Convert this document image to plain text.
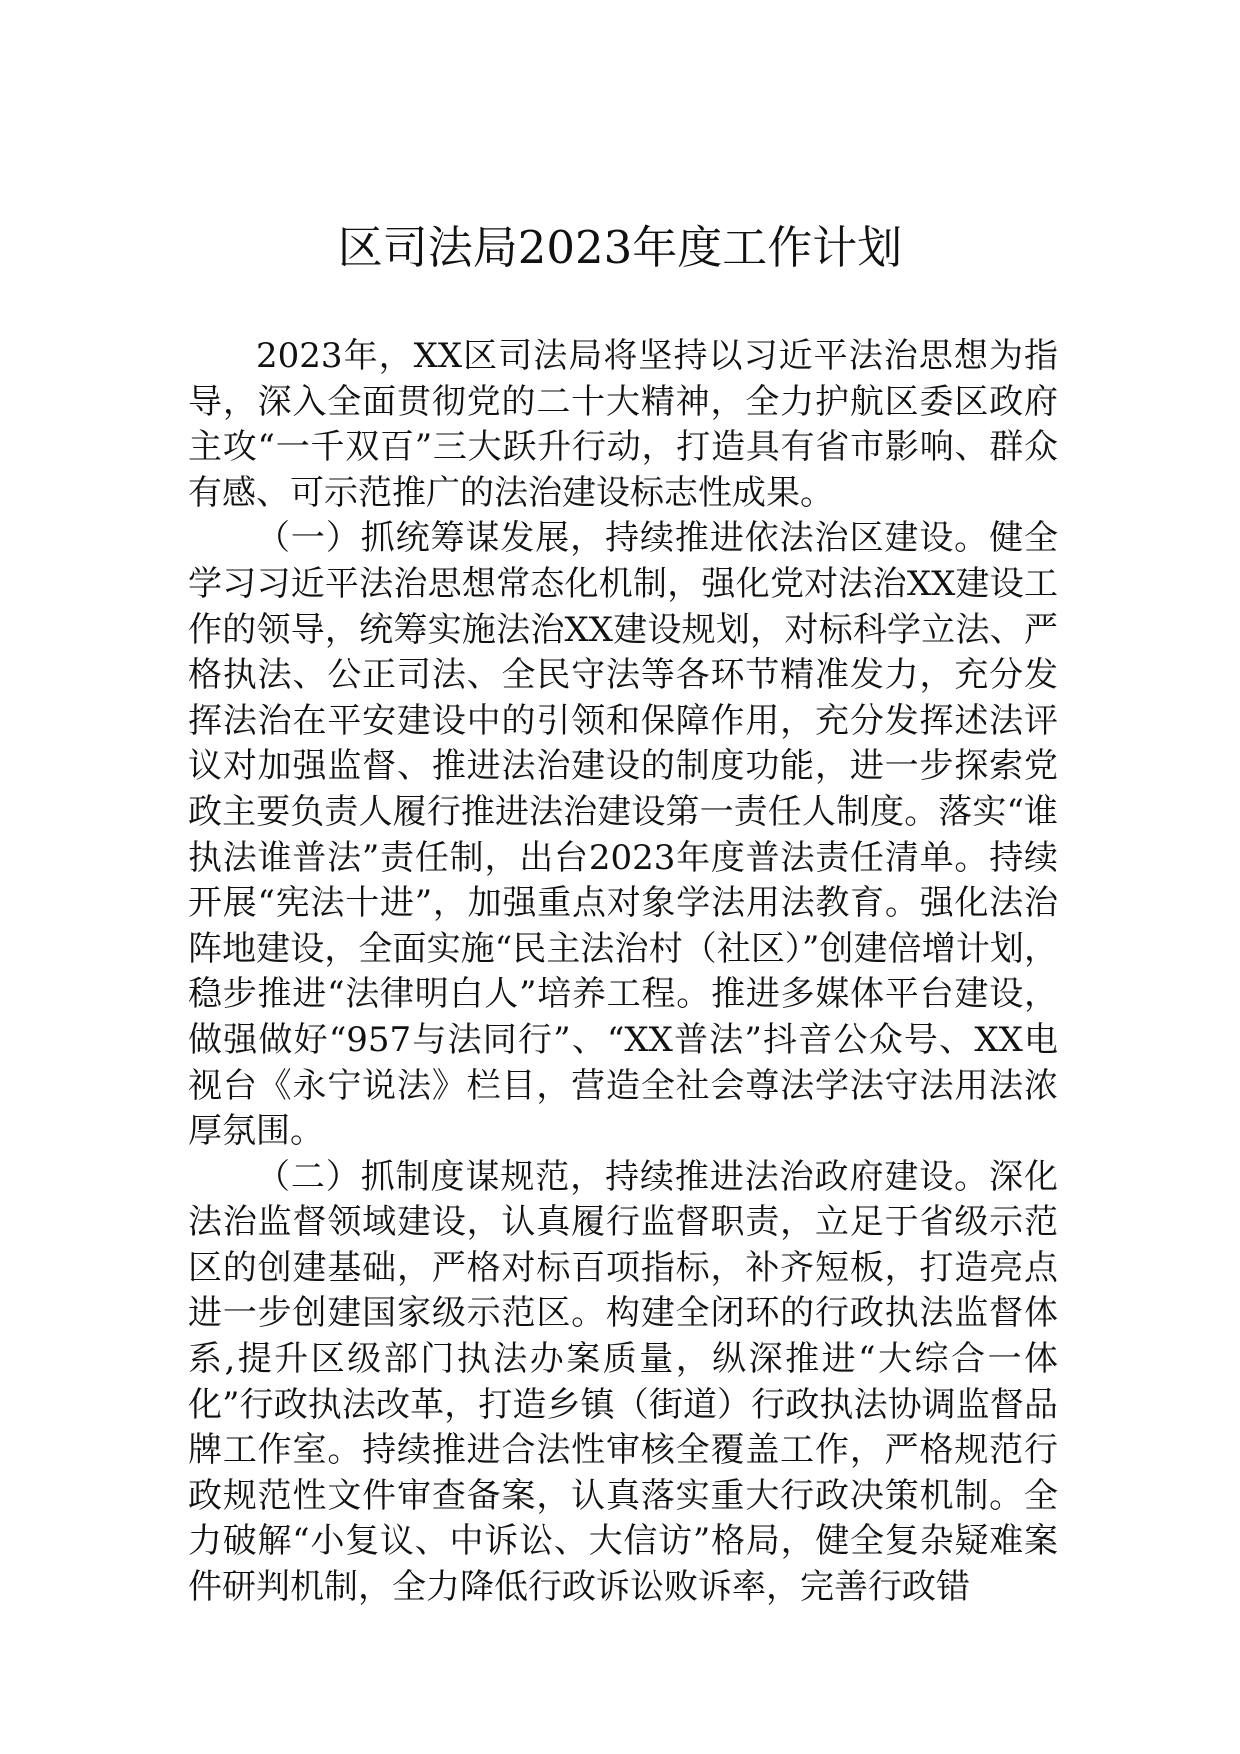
区司法局2023年度工作计划

2023年，XX区司法局将坚持以习近平法治思想为指导，深入全面贯彻党的二十大精神，全力护航区委区政府主攻“一千双百”三大跃升行动，打造具有省市影响、群众有感、可示范推广的法治建设标志性成果。

（一）抓统筹谋发展，持续推进依法治区建设。健全学习习近平法治思想常态化机制，强化党对法治XX建设工作的领导，统筹实施法治XX建设规划，对标科学立法、严格执法、公正司法、全民守法等各环节精准发力，充分发挥法治在平安建设中的引领和保障作用，充分发挥述法评议对加强监督、推进法治建设的制度功能，进一步探索党政主要负责人履行推进法治建设第一责任人制度。落实“谁执法谁普法”责任制，出台2023年度普法责任清单。持续开展“宪法十进”，加强重点对象学法用法教育。强化法治阵地建设，全面实施“民主法治村（社区）”创建倍增计划，稳步推进“法律明白人”培养工程。推进多媒体平台建设，做强做好“957与法同行”、“XX普法”抖音公众号、XX电视台《永宁说法》栏目，营造全社会尊法学法守法用法浓厚氛围。

（二）抓制度谋规范，持续推进法治政府建设。深化法治监督领域建设，认真履行监督职责，立足于省级示范区的创建基础，严格对标百项指标，补齐短板，打造亮点进一步创建国家级示范区。构建全闭环的行政执法监督体系,提升区级部门执法办案质量，纵深推进“大综合一体化”行政执法改革，打造乡镇（街道）行政执法协调监督品牌工作室。持续推进合法性审核全覆盖工作，严格规范行政规范性文件审查备案，认真落实重大行政决策机制。全力破解“小复议、中诉讼、大信访”格局，健全复杂疑难案件研判机制，全力降低行政诉讼败诉率，完善行政错
